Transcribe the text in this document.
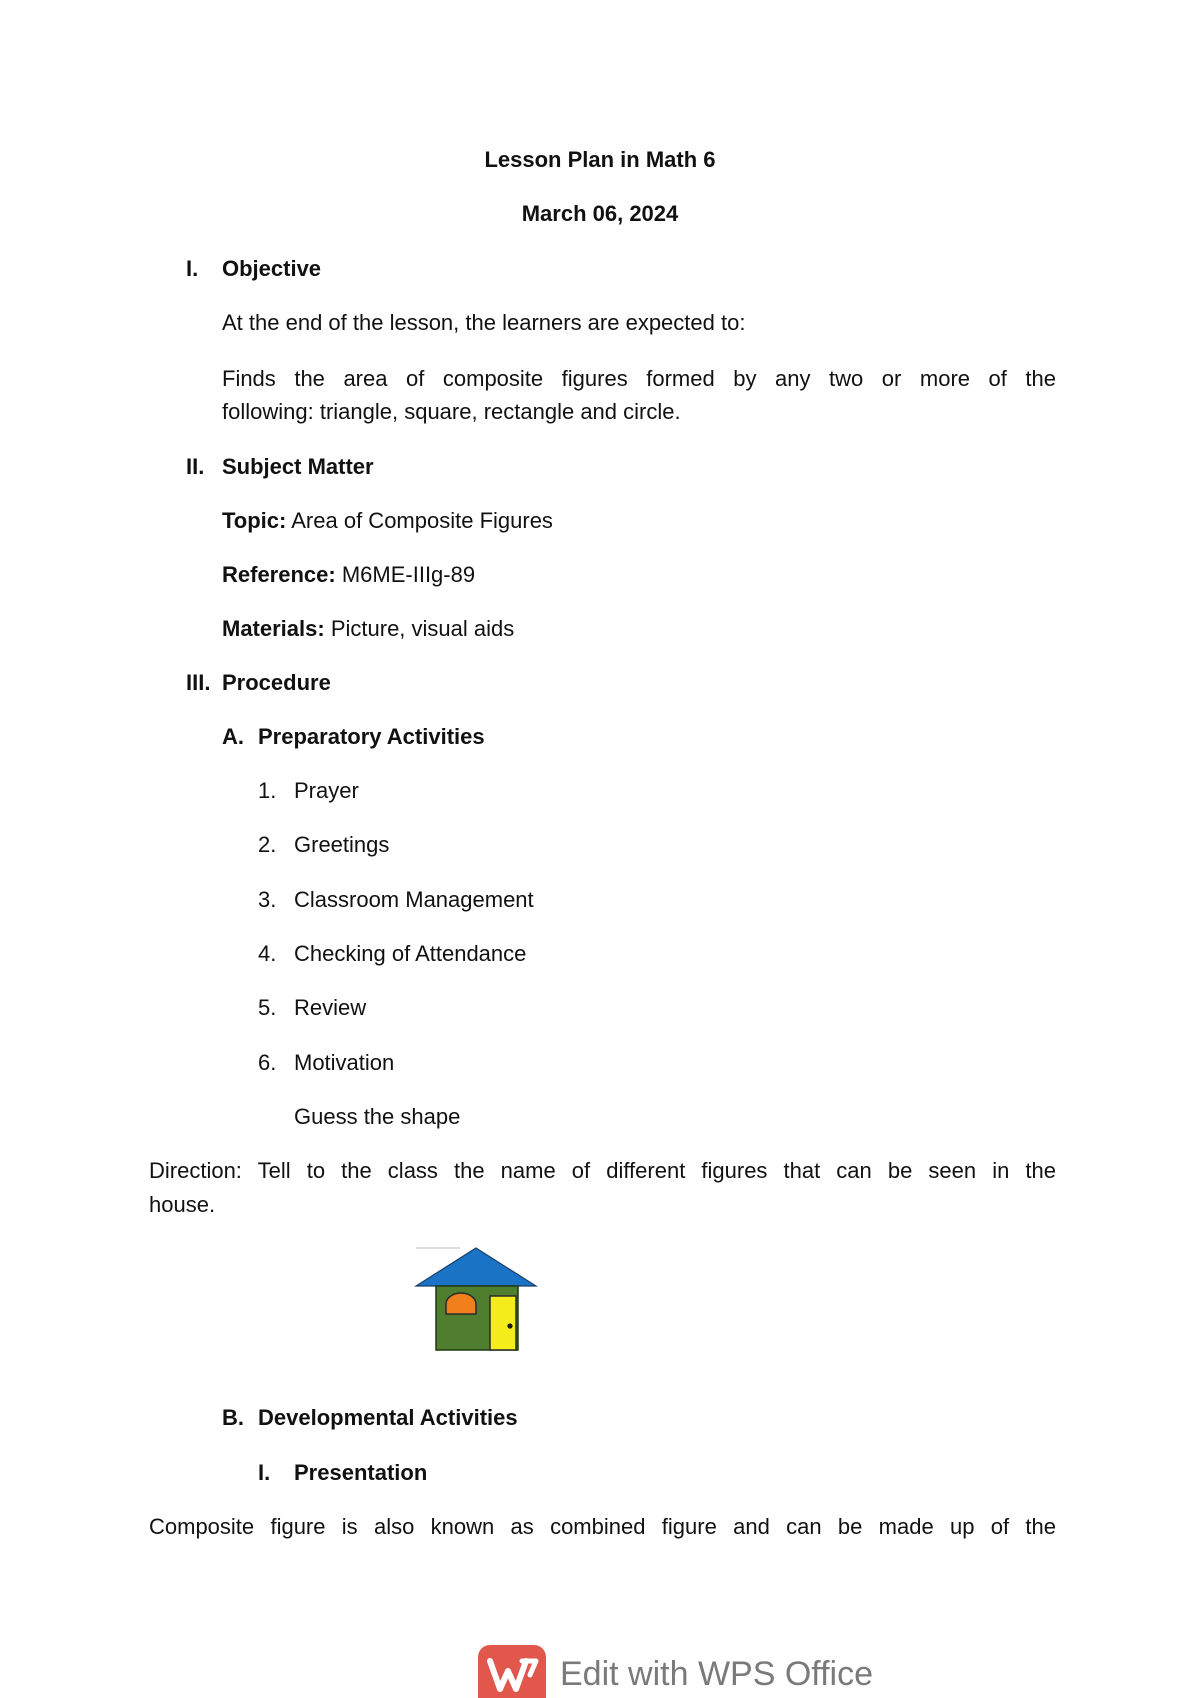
Lesson Plan in Math 6
March 06, 2024
I. Objective
At the end of the lesson, the learners are expected to:
Finds the area of composite figures formed by any two or more of the
following: triangle, square, rectangle and circle.
II. Subject Matter
Topic: Area of Composite Figures
Reference: M6ME-IIIg-89
Materials: Picture, visual aids
III. Procedure
A. Preparatory Activities
1. Prayer
2. Greetings
3. Classroom Management
4. Checking of Attendance
5. Review
6. Motivation
Guess the shape
Direction: Tell to the class the name of different figures that can be seen in the
house.
B. Developmental Activities
I. Presentation
Composite figure is also known as combined figure and can be made up of the
Edit with WPS Office
